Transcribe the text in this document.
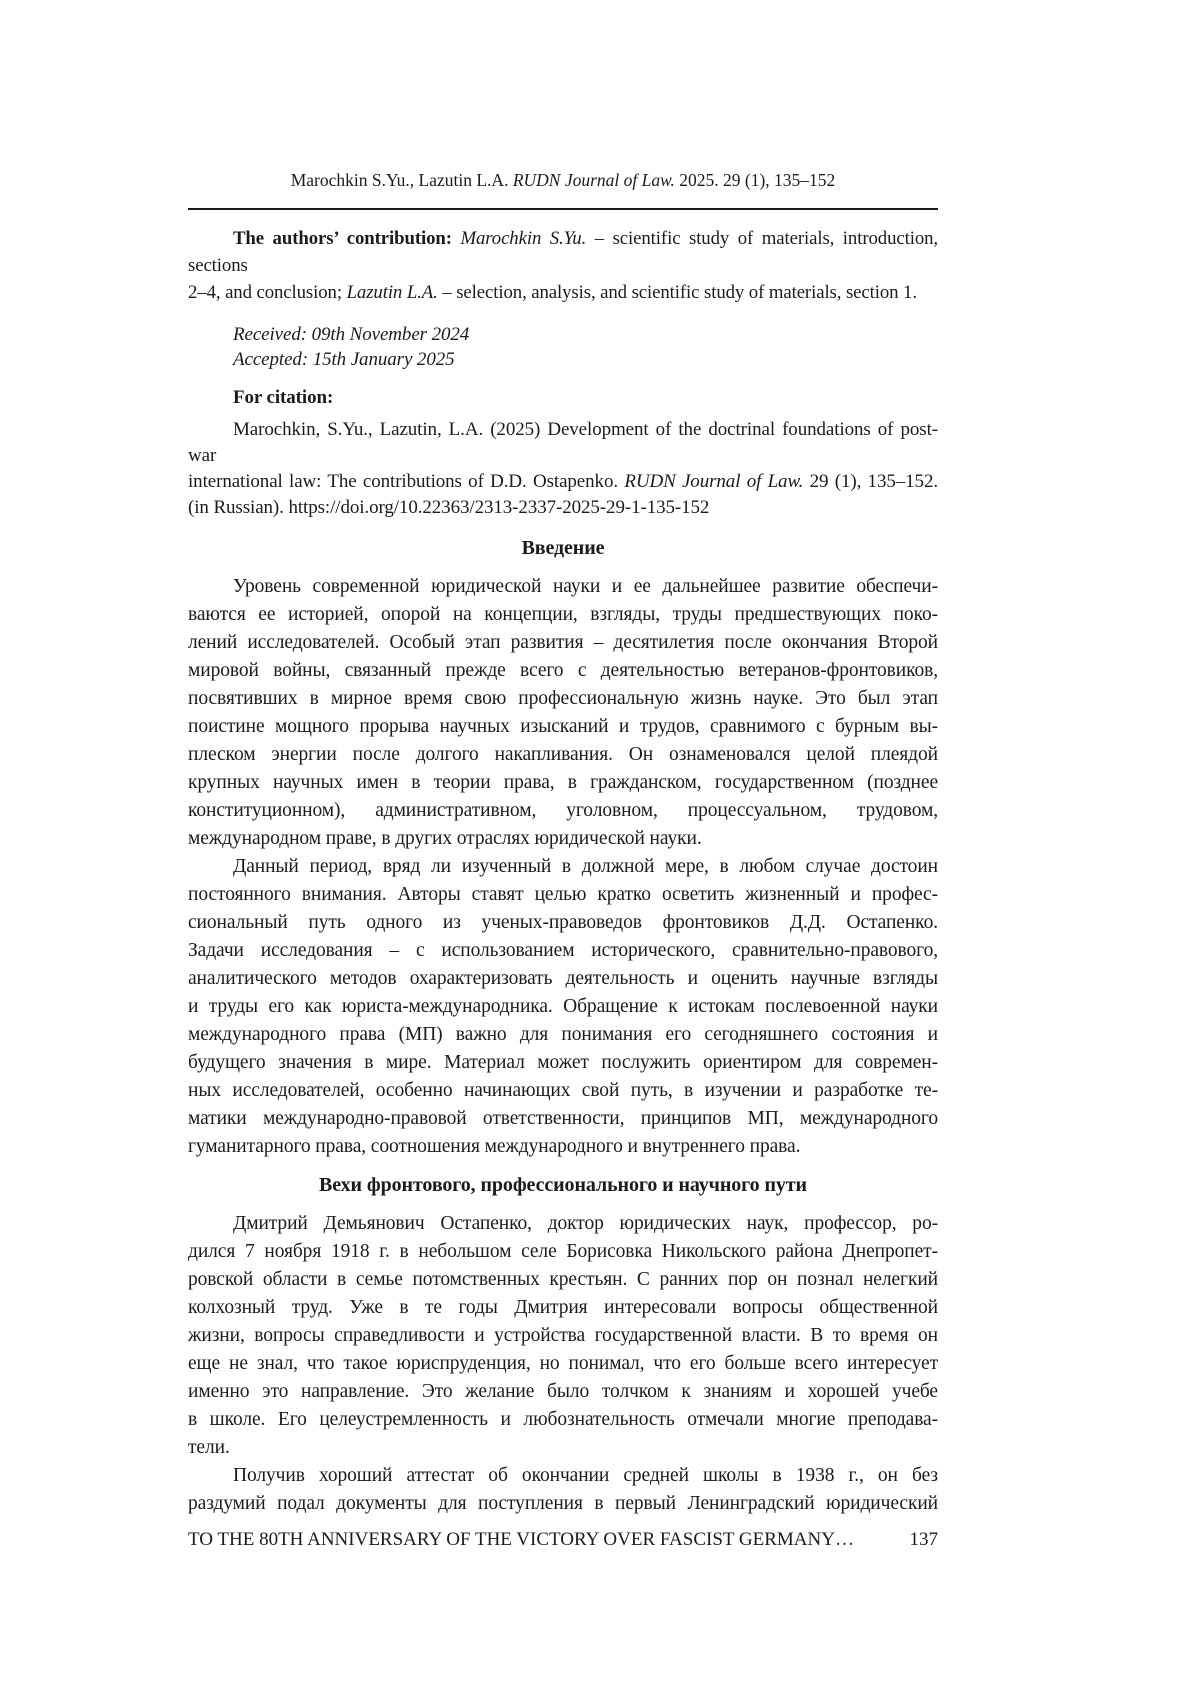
Marochkin S.Yu., Lazutin L.A. RUDN Journal of Law. 2025. 29 (1), 135–152
The authors’ contribution: Marochkin S.Yu. – scientific study of materials, introduction, sections
2–4, and conclusion; Lazutin L.A. – selection, analysis, and scientific study of materials, section 1.
Received: 09th November 2024
Accepted: 15th January 2025
For citation:
Marochkin, S.Yu., Lazutin, L.A. (2025) Development of the doctrinal foundations of post-war
international law: The contributions of D.D. Ostapenko. RUDN Journal of Law. 29 (1), 135–152.
(in Russian). https://doi.org/10.22363/2313-2337-2025-29-1-135-152
Введение
Уровень современной юридической науки и ее дальнейшее развитие обеспечи-
ваются ее историей, опорой на концепции, взгляды, труды предшествующих поко-
лений исследователей. Особый этап развития – десятилетия после окончания Второй
мировой войны, связанный прежде всего с деятельностью ветеранов-фронтовиков,
посвятивших в мирное время свою профессиональную жизнь науке. Это был этап
поистине мощного прорыва научных изысканий и трудов, сравнимого с бурным вы-
плеском энергии после долгого накапливания. Он ознаменовался целой плеядой
крупных научных имен в теории права, в гражданском, государственном (позднее
конституционном), административном, уголовном, процессуальном, трудовом,
международном праве, в других отраслях юридической науки.
Данный период, вряд ли изученный в должной мере, в любом случае достоин
постоянного внимания. Авторы ставят целью кратко осветить жизненный и профес-
сиональный путь одного из ученых-правоведов фронтовиков Д.Д. Остапенко.
Задачи исследования – с использованием исторического, сравнительно-правового,
аналитического методов охарактеризовать деятельность и оценить научные взгляды
и труды его как юриста-международника. Обращение к истокам послевоенной науки
международного права (МП) важно для понимания его сегодняшнего состояния и
будущего значения в мире. Материал может послужить ориентиром для современ-
ных исследователей, особенно начинающих свой путь, в изучении и разработке те-
матики международно-правовой ответственности, принципов МП, международного
гуманитарного права, соотношения международного и внутреннего права.
Вехи фронтового, профессионального и научного пути
Дмитрий Демьянович Остапенко, доктор юридических наук, профессор, ро-
дился 7 ноября 1918 г. в небольшом селе Борисовка Никольского района Днепропет-
ровской области в семье потомственных крестьян. С ранних пор он познал нелегкий
колхозный труд. Уже в те годы Дмитрия интересовали вопросы общественной
жизни, вопросы справедливости и устройства государственной власти. В то время он
еще не знал, что такое юриспруденция, но понимал, что его больше всего интересует
именно это направление. Это желание было толчком к знаниям и хорошей учебе
в школе. Его целеустремленность и любознательность отмечали многие преподава-
тели.
Получив хороший аттестат об окончании средней школы в 1938 г., он без
раздумий подал документы для поступления в первый Ленинградский юридический
TO THE 80TH ANNIVERSARY OF THE VICTORY OVER FASCIST GERMANY…	137
